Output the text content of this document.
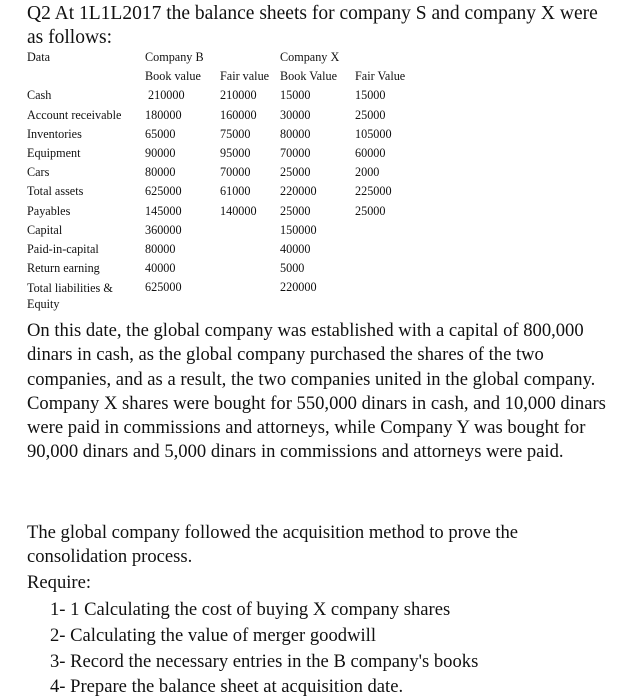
Q2 At 1L1L2017 the balance sheets for company S and company X were as follows:

Data	Company B		Company X	
	Book value	Fair value	Book Value	Fair Value
Cash	210000	210000	15000	15000
Account receivable	180000	160000	30000	25000
Inventories	65000	75000	80000	105000
Equipment	90000	95000	70000	60000
Cars	80000	70000	25000	2000
Total assets	625000	61000	220000	225000
Payables	145000	140000	25000	25000
Capital	360000		150000	
Paid-in-capital	80000		40000	
Return earning	40000		5000	
Total liabilities & Equity	625000		220000	

On this date, the global company was established with a capital of 800,000 dinars in cash, as the global company purchased the shares of the two companies, and as a result, the two companies united in the global company. Company X shares were bought for 550,000 dinars in cash, and 10,000 dinars were paid in commissions and attorneys, while Company Y was bought for 90,000 dinars and 5,000 dinars in commissions and attorneys were paid.

The global company followed the acquisition method to prove the consolidation process.

Require:

1- 1 Calculating the cost of buying X company shares
2- Calculating the value of merger goodwill
3- Record the necessary entries in the B company's books
4- Prepare the balance sheet at acquisition date.
